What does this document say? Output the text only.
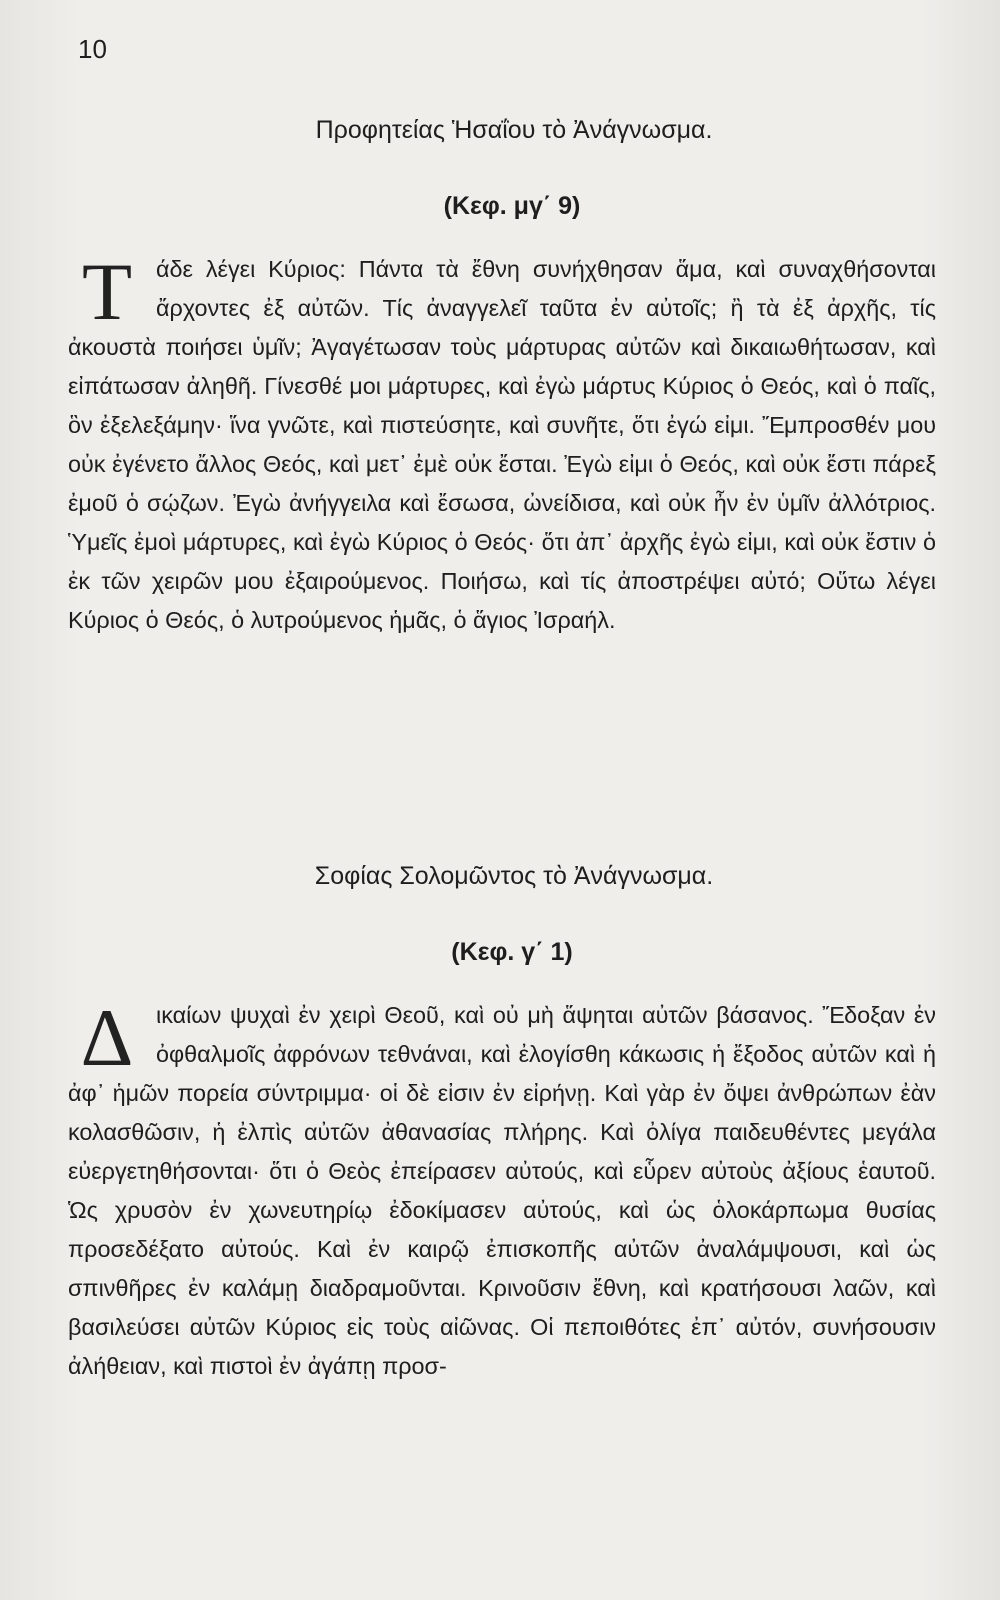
10
Προφητείας Ἡσαΐου τὸ Ἀνάγνωσμα.
(Κεφ. μγ΄ 9)

Τ άδε λέγει Κύριος: Πάντα τὰ ἔθνη συνήχθησαν ἅμα, καὶ συναχθήσονται ἄρχοντες ἐξ αὐτῶν. Τίς ἀναγγελεῖ ταῦτα ἐν αὐτοῖς; ἢ τὰ ἐξ ἀρχῆς, τίς ἀκουστὰ ποιήσει ὑμῖν; Ἀγαγέτωσαν τοὺς μάρτυρας αὐτῶν καὶ δικαιωθήτωσαν, καὶ εἰπάτωσαν ἀληθῆ. Γίνεσθέ μοι μάρτυρες, καὶ ἐγὼ μάρτυς Κύριος ὁ Θεός, καὶ ὁ παῖς, ὃν ἐξελεξάμην· ἵνα γνῶτε, καὶ πιστεύσητε, καὶ συνῆτε, ὅτι ἐγώ εἰμι. Ἔμπροσθέν μου οὐκ ἐγένετο ἄλλος Θεός, καὶ μετ᾽ ἐμὲ οὐκ ἔσται. Ἐγὼ εἰμι ὁ Θεός, καὶ οὐκ ἔστι πάρεξ ἐμοῦ ὁ σῴζων. Ἐγὼ ἀνήγγειλα καὶ ἔσωσα, ὠνείδισα, καὶ οὐκ ἦν ἐν ὑμῖν ἀλλότριος. Ὑμεῖς ἐμοὶ μάρτυρες, καὶ ἐγὼ Κύριος ὁ Θεός· ὅτι ἀπ᾽ ἀρχῆς ἐγὼ εἰμι, καὶ οὐκ ἔστιν ὁ ἐκ τῶν χειρῶν μου ἐξαιρούμενος. Ποιήσω, καὶ τίς ἀποστρέψει αὐτό; Οὕτω λέγει Κύριος ὁ Θεός, ὁ λυτρούμενος ἡμᾶς, ὁ ἅγιος Ἰσραήλ.

Σοφίας Σολομῶντος τὸ Ἀνάγνωσμα.
(Κεφ. γ΄ 1)

Δικαίων ψυχαὶ ἐν χειρὶ Θεοῦ, καὶ οὐ μὴ ἅψηται αὐτῶν βάσανος. Ἔδοξαν ἐν ὀφθαλμοῖς ἀφρόνων τεθνάναι, καὶ ἐλογίσθη κάκωσις ἡ ἔξοδος αὐτῶν καὶ ἡ ἀφ᾽ ἡμῶν πορεία σύντριμμα· οἱ δὲ εἰσιν ἐν εἰρήνῃ. Καὶ γὰρ ἐν ὄψει ἀνθρώπων ἐὰν κολασθῶσιν, ἡ ἐλπὶς αὐτῶν ἀθανασίας πλήρης. Καὶ ὀλίγα παιδευθέντες μεγάλα εὐεργετηθήσονται· ὅτι ὁ Θεὸς ἐπείρασεν αὐτούς, καὶ εὗρεν αὐτοὺς ἀξίους ἑαυτοῦ. Ὡς χρυσὸν ἐν χωνευτηρίῳ ἐδοκίμασεν αὐτούς, καὶ ὡς ὁλοκάρπωμα θυσίας προσεδέξατο αὐτούς. Καὶ ἐν καιρῷ ἐπισκοπῆς αὐτῶν ἀναλάμψουσι, καὶ ὡς σπινθῆρες ἐν καλάμῃ διαδραμοῦνται. Κρινοῦσιν ἔθνη, καὶ κρατήσουσι λαῶν, καὶ βασιλεύσει αὐτῶν Κύριος εἰς τοὺς αἰῶνας. Οἱ πεποιθότες ἐπ᾽ αὐτόν, συνήσουσιν ἀλήθειαν, καὶ πιστοὶ ἐν ἀγάπῃ προσ-
